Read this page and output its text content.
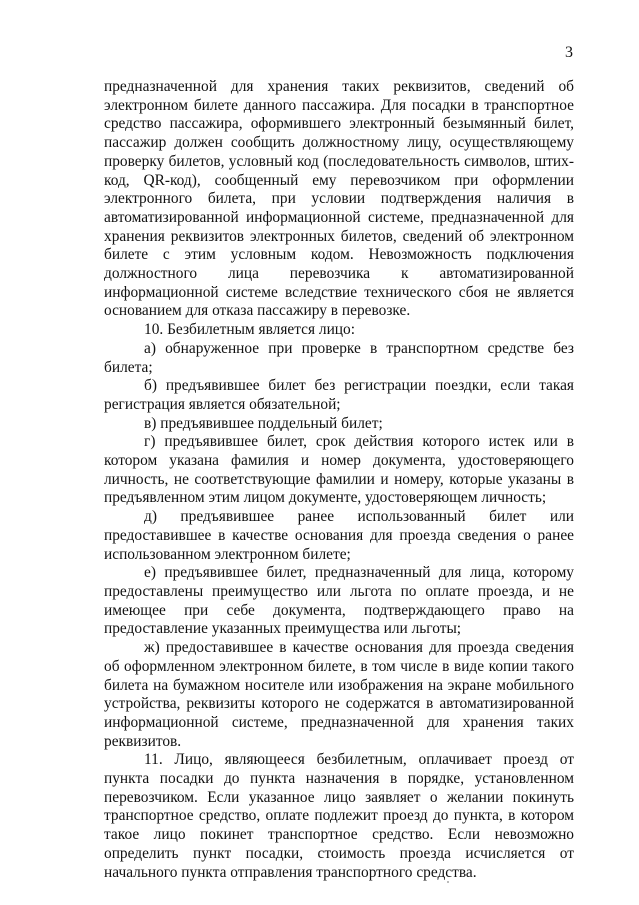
3

предназначенной для хранения таких реквизитов, сведений об электронном билете данного пассажира. Для посадки в транспортное средство пассажира, оформившего электронный безымянный билет, пассажир должен сообщить должностному лицу, осуществляющему проверку билетов, условный код (последовательность символов, штих-код, QR-код), сообщенный ему перевозчиком при оформлении электронного билета, при условии подтверждения наличия в автоматизированной информационной системе, предназначенной для хранения реквизитов электронных билетов, сведений об электронном билете с этим условным кодом. Невозможность подключения должностного лица перевозчика к автоматизированной информационной системе вследствие технического сбоя не является основанием для отказа пассажиру в перевозке.

10. Безбилетным является лицо:

а) обнаруженное при проверке в транспортном средстве без билета;

б) предъявившее билет без регистрации поездки, если такая регистрация является обязательной;

в) предъявившее поддельный билет;

г) предъявившее билет, срок действия которого истек или в котором указана фамилия и номер документа, удостоверяющего личность, не соответствующие фамилии и номеру, которые указаны в предъявленном этим лицом документе, удостоверяющем личность;

д) предъявившее ранее использованный билет или предоставившее в качестве основания для проезда сведения о ранее использованном электронном билете;

е) предъявившее билет, предназначенный для лица, которому предоставлены преимущество или льгота по оплате проезда, и не имеющее при себе документа, подтверждающего право на предоставление указанных преимущества или льготы;

ж) предоставившее в качестве основания для проезда сведения об оформленном электронном билете, в том числе в виде копии такого билета на бумажном носителе или изображения на экране мобильного устройства, реквизиты которого не содержатся в автоматизированной информационной системе, предназначенной для хранения таких реквизитов.

11. Лицо, являющееся безбилетным, оплачивает проезд от пункта посадки до пункта назначения в порядке, установленном перевозчиком. Если указанное лицо заявляет о желании покинуть транспортное средство, оплате подлежит проезд до пункта, в котором такое лицо покинет транспортное средство. Если невозможно определить пункт посадки, стоимость проезда исчисляется от начального пункта отправления транспортного средства.
